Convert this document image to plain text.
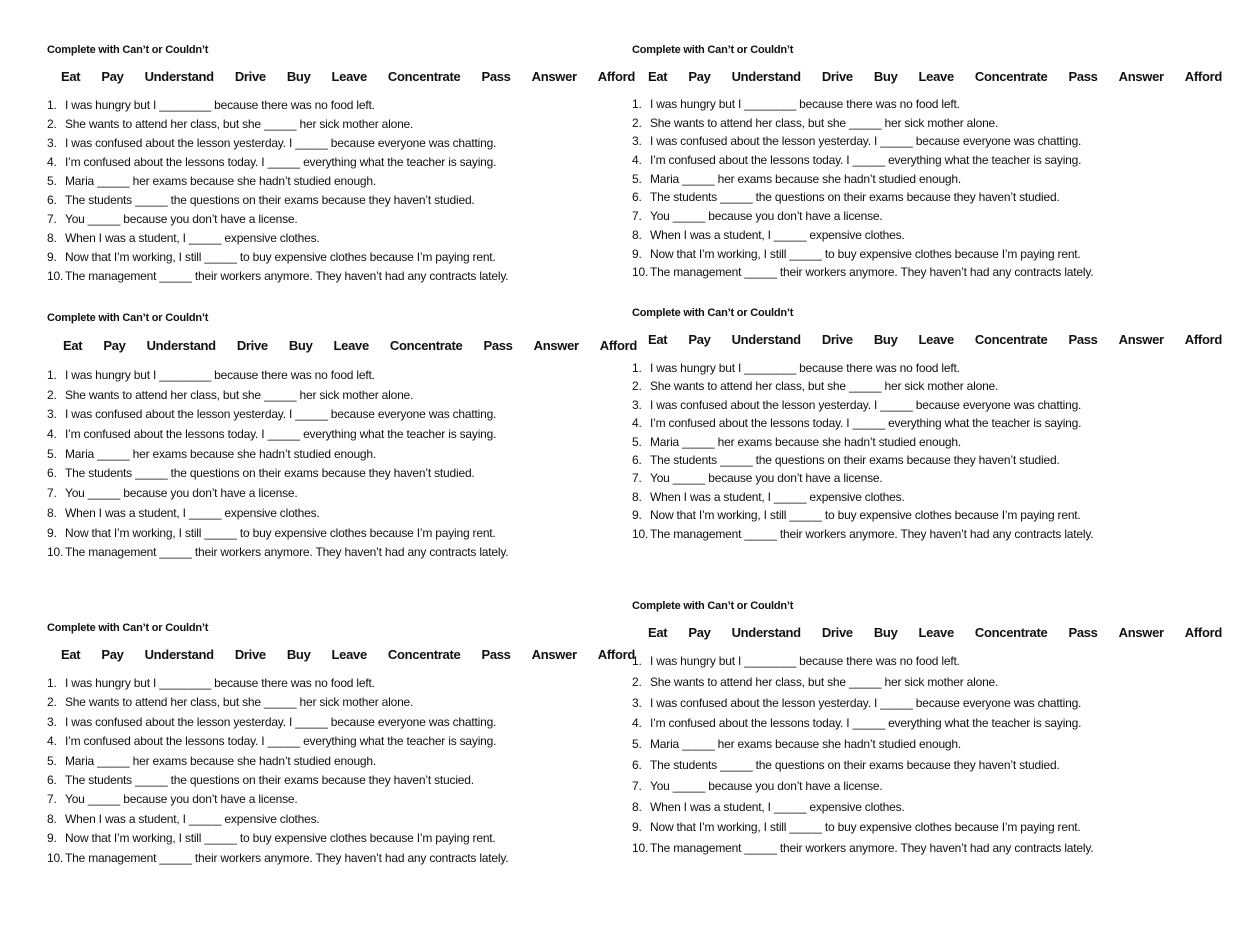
Complete with Can’t or Couldn’t
Eat Pay Understand Drive Buy Leave Concentrate Pass Answer Afford
1. I was hungry but I ________ because there was no food left.
2. She wants to attend her class, but she _____ her sick mother alone.
3. I was confused about the lesson yesterday. I _____ because everyone was chatting.
4. I’m confused about the lessons today. I _____ everything what the teacher is saying.
5. Maria _____ her exams because she hadn’t studied enough.
6. The students _____ the questions on their exams because they haven’t studied.
7. You _____ because you don’t have a license.
8. When I was a student, I _____ expensive clothes.
9. Now that I’m working, I still _____ to buy expensive clothes because I’m paying rent.
10. The management _____ their workers anymore. They haven’t had any contracts lately.
Complete with Can’t or Couldn’t
Eat Pay Understand Drive Buy Leave Concentrate Pass Answer Afford
1. I was hungry but I ________ because there was no food left.
2. She wants to attend her class, but she _____ her sick mother alone.
3. I was confused about the lesson yesterday. I _____ because everyone was chatting.
4. I’m confused about the lessons today. I _____ everything what the teacher is saying.
5. Maria _____ her exams because she hadn’t studied enough.
6. The students _____ the questions on their exams because they haven’t studied.
7. You _____ because you don’t have a license.
8. When I was a student, I _____ expensive clothes.
9. Now that I’m working, I still _____ to buy expensive clothes because I’m paying rent.
10. The management _____ their workers anymore. They haven’t had any contracts lately.
Complete with Can’t or Couldn’t
Eat Pay Understand Drive Buy Leave Concentrate Pass Answer Afford
1. I was hungry but I ________ because there was no food left.
2. She wants to attend her class, but she _____ her sick mother alone.
3. I was confused about the lesson yesterday. I _____ because everyone was chatting.
4. I’m confused about the lessons today. I _____ everything what the teacher is saying.
5. Maria _____ her exams because she hadn’t studied enough.
6. The students _____ the questions on their exams because they haven’t stucied.
7. You _____ because you don’t have a license.
8. When I was a student, I _____ expensive clothes.
9. Now that I’m working, I still _____ to buy expensive clothes because I’m paying rent.
10. The management _____ their workers anymore. They haven’t had any contracts lately.
Complete with Can’t or Couldn’t
Eat Pay Understand Drive Buy Leave Concentrate Pass Answer Afford
1. I was hungry but I ________ because there was no food left.
2. She wants to attend her class, but she _____ her sick mother alone.
3. I was confused about the lesson yesterday. I _____ because everyone was chatting.
4. I’m confused about the lessons today. I _____ everything what the teacher is saying.
5. Maria _____ her exams because she hadn’t studied enough.
6. The students _____ the questions on their exams because they haven’t studied.
7. You _____ because you don’t have a license.
8. When I was a student, I _____ expensive clothes.
9. Now that I’m working, I still _____ to buy expensive clothes because I’m paying rent.
10. The management _____ their workers anymore. They haven’t had any contracts lately.
Complete with Can’t or Couldn’t
Eat Pay Understand Drive Buy Leave Concentrate Pass Answer Afford
1. I was hungry but I ________ because there was no food left.
2. She wants to attend her class, but she _____ her sick mother alone.
3. I was confused about the lesson yesterday. I _____ because everyone was chatting.
4. I’m confused about the lessons today. I _____ everything what the teacher is saying.
5. Maria _____ her exams because she hadn’t studied enough.
6. The students _____ the questions on their exams because they haven’t studied.
7. You _____ because you don’t have a license.
8. When I was a student, I _____ expensive clothes.
9. Now that I’m working, I still _____ to buy expensive clothes because I’m paying rent.
10. The management _____ their workers anymore. They haven’t had any contracts lately.
Complete with Can’t or Couldn’t
Eat Pay Understand Drive Buy Leave Concentrate Pass Answer Afford
1. I was hungry but I ________ because there was no food left.
2. She wants to attend her class, but she _____ her sick mother alone.
3. I was confused about the lesson yesterday. I _____ because everyone was chatting.
4. I’m confused about the lessons today. I _____ everything what the teacher is saying.
5. Maria _____ her exams because she hadn’t studied enough.
6. The students _____ the questions on their exams because they haven’t studied.
7. You _____ because you don’t have a license.
8. When I was a student, I _____ expensive clothes.
9. Now that I’m working, I still _____ to buy expensive clothes because I’m paying rent.
10. The management _____ their workers anymore. They haven’t had any contracts lately.
